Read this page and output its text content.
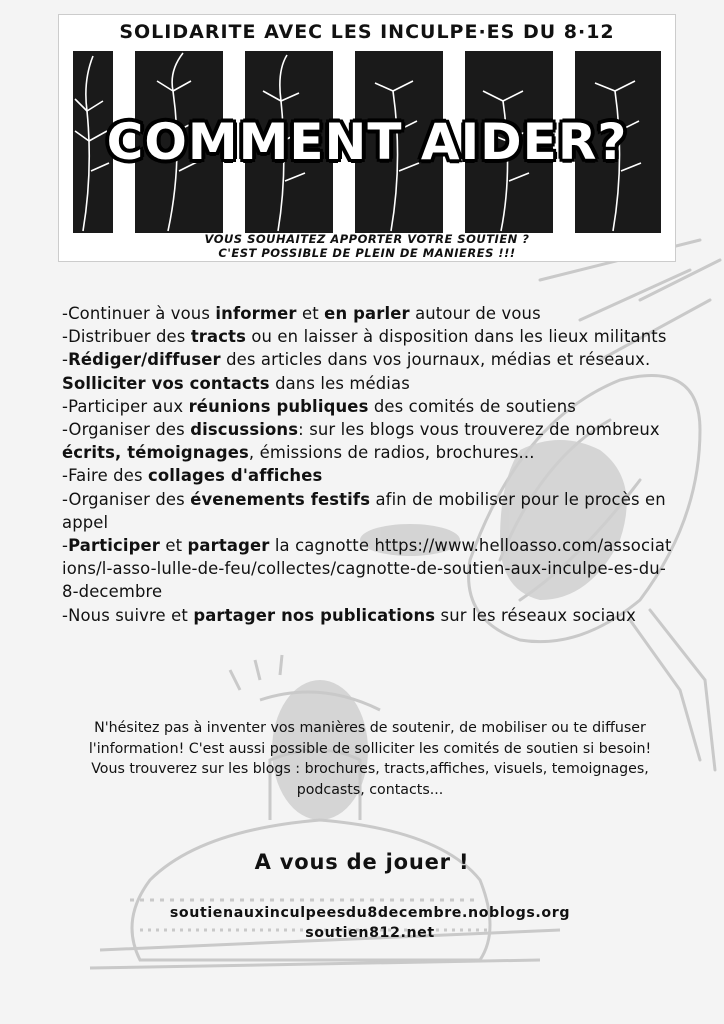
SOLIDARITE AVEC LES INCULPE·ES DU 8·12
COMMENT AIDER?
VOUS SOUHAITEZ APPORTER VOTRE SOUTIEN ?
C'EST POSSIBLE DE PLEIN DE MANIERES !!!
-Continuer à vous informer et en parler autour de vous
-Distribuer des tracts ou en laisser à disposition dans les lieux militants
-Rédiger/diffuser des articles dans vos journaux, médias et réseaux. Solliciter vos contacts dans les médias
-Participer aux réunions publiques des comités de soutiens
-Organiser des discussions: sur les blogs vous trouverez de nombreux écrits, témoignages, émissions de radios, brochures...
-Faire des collages d'affiches
-Organiser des évenements festifs afin de mobiliser pour le procès en appel
-Participer et partager la cagnotte https://www.helloasso.com/associations/l-asso-lulle-de-feu/collectes/cagnotte-de-soutien-aux-inculpe-es-du-8-decembre
-Nous suivre et partager nos publications sur les réseaux sociaux
N'hésitez pas à inventer vos manières de soutenir, de mobiliser ou te diffuser l'information! C'est aussi possible de solliciter les comités de soutien si besoin!
Vous trouverez sur les blogs : brochures, tracts,affiches, visuels, temoignages, podcasts, contacts...
A vous de jouer !
soutienauxinculpeesdu8decembre.noblogs.org
soutien812.net
